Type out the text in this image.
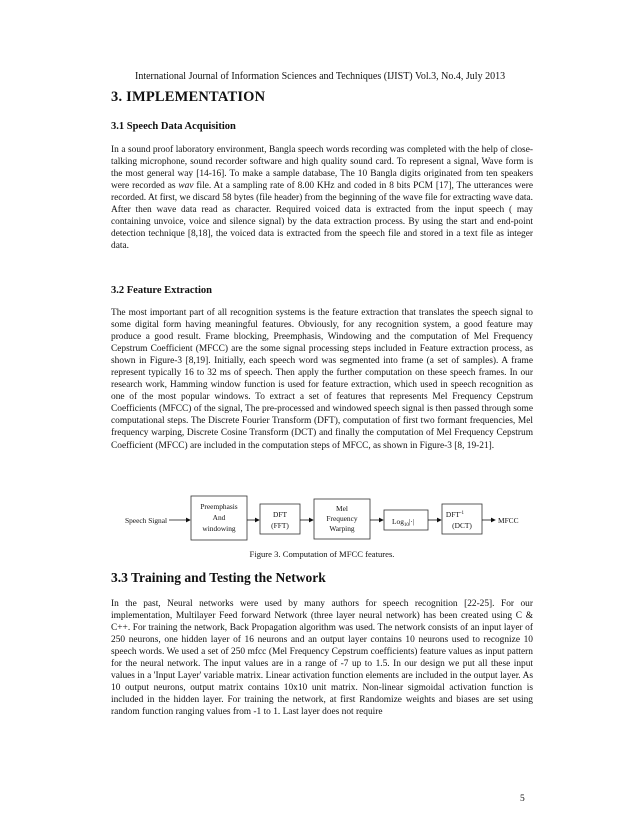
International Journal of Information Sciences and Techniques (IJIST) Vol.3, No.4, July 2013
3. IMPLEMENTATION
3.1 Speech Data Acquisition

In a sound proof laboratory environment, Bangla speech words recording was completed with the help of close-talking microphone, sound recorder software and high quality sound card. To represent a signal, Wave form is the most general way [14-16]. To make a sample database, The 10 Bangla digits originated from ten speakers were recorded as wav file. At a sampling rate of 8.00 KHz and coded in 8 bits PCM [17], The utterances were recorded. At first, we discard 58 bytes (file header) from the beginning of the wave file for extracting wave data. After then wave data read as character. Required voiced data is extracted from the input speech ( may containing unvoice, voice and silence signal) by the data extraction process. By using the start and end-point detection technique [8,18], the voiced data is extracted from the speech file and stored in a text file as integer data.

3.2 Feature Extraction

The most important part of all recognition systems is the feature extraction that translates the speech signal to some digital form having meaningful features. Obviously, for any recognition system, a good feature may produce a good result. Frame blocking, Preemphasis, Windowing and the computation of Mel Frequency Cepstrum Coefficient (MFCC) are the some signal processing steps included in Feature extraction process, as shown in Figure-3 [8,19]. Initially, each speech word was segmented into frame (a set of samples). A frame represent typically 16 to 32 ms of speech. Then apply the further computation on these speech frames. In our research work, Hamming window function is used for feature extraction, which used in speech recognition as one of the most popular windows. To extract a set of features that represents Mel Frequency Cepstrum Coefficients (MFCC) of the signal, The pre-processed and windowed speech signal is then passed through some computational steps. The Discrete Fourier Transform (DFT), computation of first two formant frequencies, Mel frequency warping, Discrete Cosine Transform (DCT) and finally the computation of Mel Frequency Cepstrum Coefficient (MFCC) are included in the computation steps of MFCC, as shown in Figure-3 [8, 19-21].

Speech Signal
Preemphasis
And
windowing
DFT
(FFT)
Mel
Frequency
Warping
Log$_{10}$|·|
$DFT^{-1}$
(DCT)
MFCC
Figure 3. Computation of MFCC features.
3.3 Training and Testing the Network

In the past, Neural networks were used by many authors for speech recognition [22-25]. For our implementation, Multilayer Feed forward Network (three layer neural network) has been created using C & C++. For training the network, Back Propagation algorithm was used. The network consists of an input layer of 250 neurons, one hidden layer of 16 neurons and an output layer contains 10 neurons used to recognize 10 speech words. We used a set of 250 mfcc (Mel Frequency Cepstrum coefficients) feature values as input pattern for the neural network. The input values are in a range of -7 up to 1.5. In our design we put all these input values in a 'Input Layer' variable matrix. Linear activation function elements are included in the output layer. As 10 output neurons, output matrix contains 10x10 unit matrix. Non-linear sigmoidal activation function is included in the hidden layer. For training the network, at first Randomize weights and biases are set using random function ranging values from -1 to 1. Last layer does not require

5
